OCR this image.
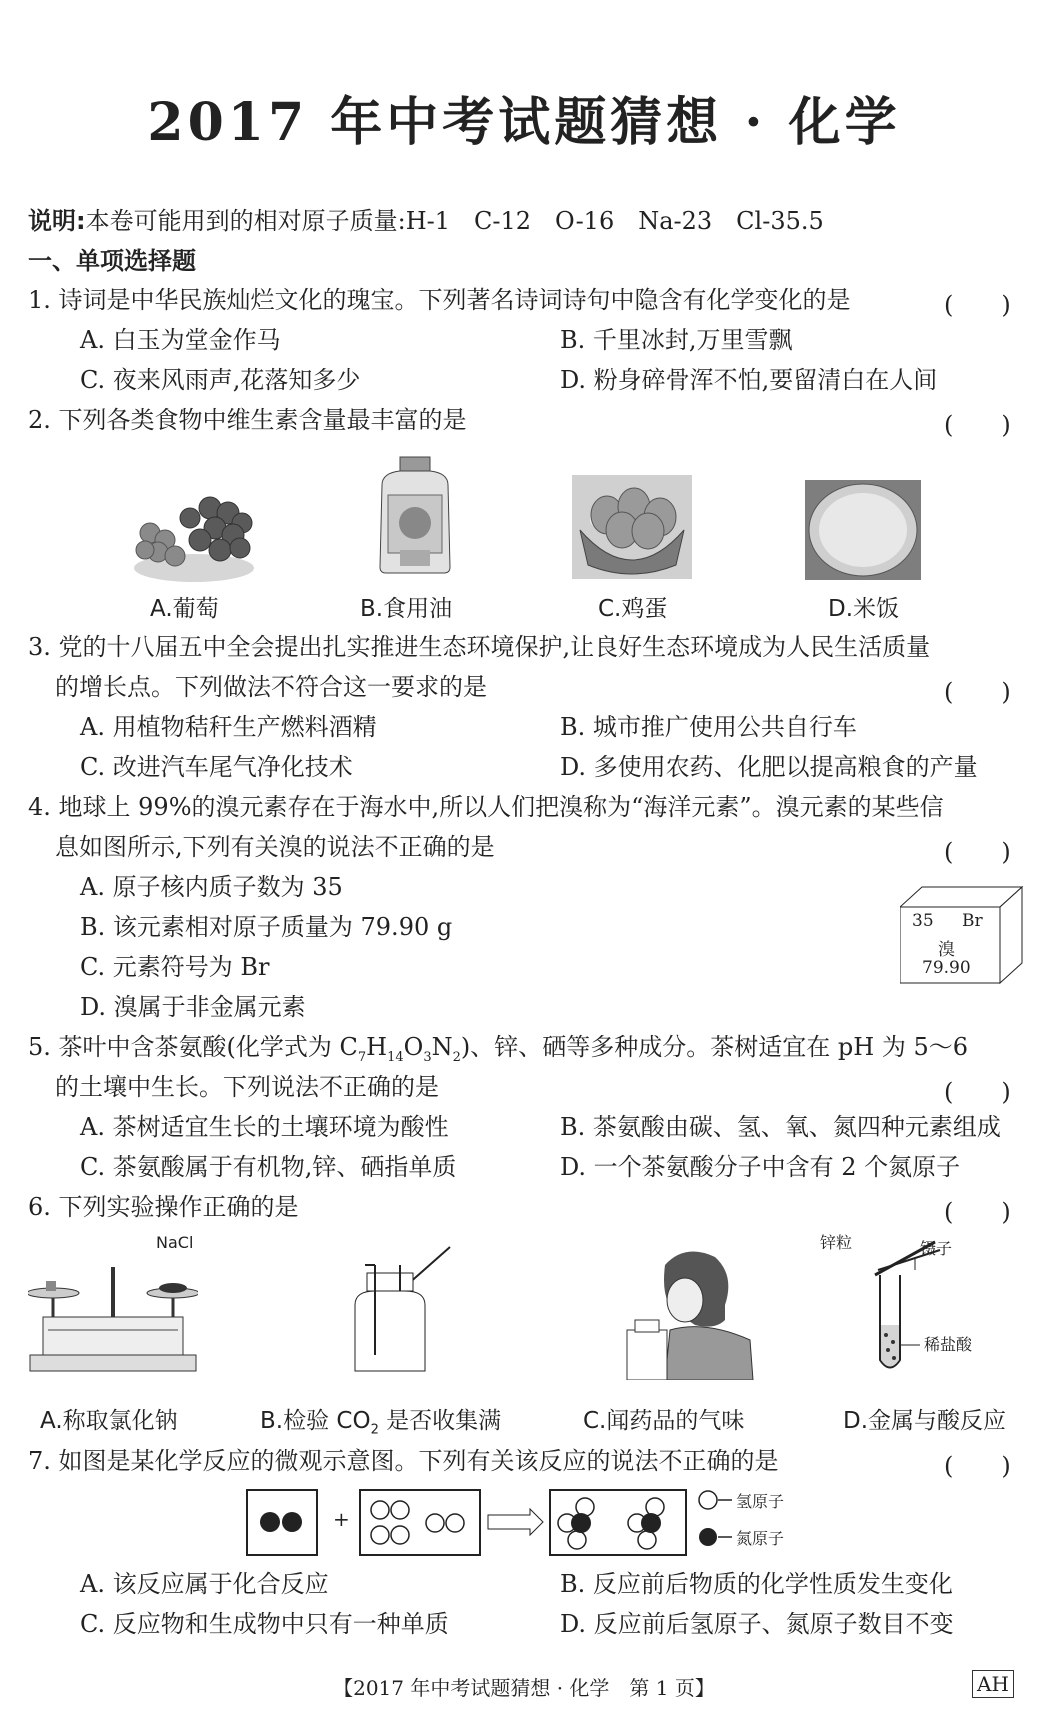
2017 年中考试题猜想 · 化学
说明:本卷可能用到的相对原子质量:H-1　C-12　O-16　Na-23　Cl-35.5
一、单项选择题
1. 诗词是中华民族灿烂文化的瑰宝。下列著名诗词诗句中隐含有化学变化的是	(　　)
A. 白玉为堂金作马	B. 千里冰封,万里雪飘
C. 夜来风雨声,花落知多少	D. 粉身碎骨浑不怕,要留清白在人间
2. 下列各类食物中维生素含量最丰富的是	(　　)
A.葡萄	B.食用油	C.鸡蛋	D.米饭
3. 党的十八届五中全会提出扎实推进生态环境保护,让良好生态环境成为人民生活质量
的增长点。下列做法不符合这一要求的是	(　　)
A. 用植物秸秆生产燃料酒精	B. 城市推广使用公共自行车
C. 改进汽车尾气净化技术	D. 多使用农药、化肥以提高粮食的产量
4. 地球上 99%的溴元素存在于海水中,所以人们把溴称为“海洋元素”。溴元素的某些信
息如图所示,下列有关溴的说法不正确的是	(　　)
A. 原子核内质子数为 35
B. 该元素相对原子质量为 79.90 g
C. 元素符号为 Br
D. 溴属于非金属元素
35 Br
溴
79.90
5. 茶叶中含茶氨酸(化学式为 $C_7H_{14}O_3N_2$)、锌、硒等多种成分。茶树适宜在 pH 为 5～6
的土壤中生长。下列说法不正确的是	(　　)
A. 茶树适宜生长的土壤环境为酸性	B. 茶氨酸由碳、氢、氧、氮四种元素组成
C. 茶氨酸属于有机物,锌、硒指单质	D. 一个茶氨酸分子中含有 2 个氮原子
6. 下列实验操作正确的是	(　　)
NaCl	锌粒	镊子
稀盐酸
A.称取氯化钠	B.检验 $CO_2$ 是否收集满	C.闻药品的气味	D.金属与酸反应
7. 如图是某化学反应的微观示意图。下列有关该反应的说法不正确的是	(　　)
+
氢原子
氮原子
A. 该反应属于化合反应	B. 反应前后物质的化学性质发生变化
C. 反应物和生成物中只有一种单质	D. 反应前后氢原子、氮原子数目不变
【2017 年中考试题猜想 · 化学　第 1 页】	AH
